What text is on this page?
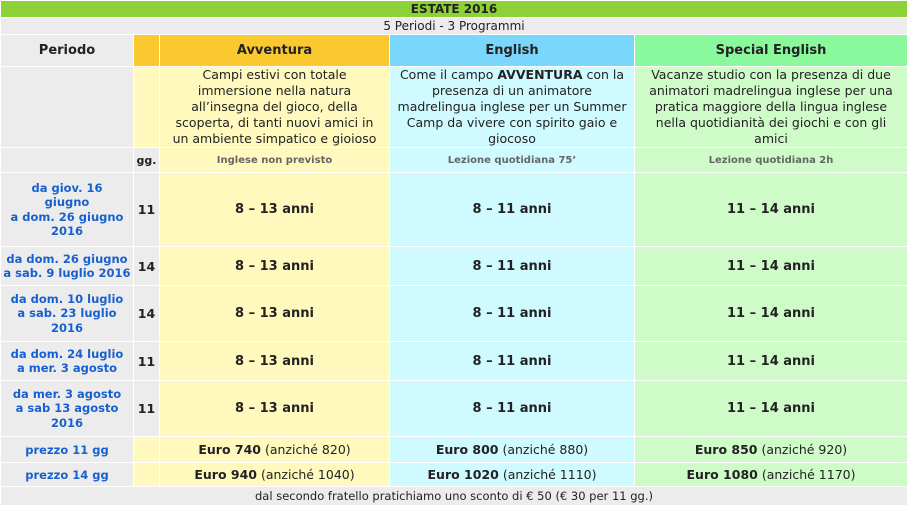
ESTATE 2016				
5 Periodi - 3 Programmi				
Periodo		Avventura	English	Special English

		Campi estivi con totale immersione nella natura all’insegna del gioco, della scoperta, di tanti nuovi amici in un ambiente simpatico e gioioso	Come il campo AVVENTURA con la presenza di un animatore madrelingua inglese per un Summer Camp da vivere con spirito gaio e giocoso	Vacanze studio con la presenza di due animatori madrelingua inglese per una pratica maggiore della lingua inglese nella quotidianità dei giochi e con gli amici

	gg.	Inglese non previsto	Lezione quotidiana 75’	Lezione quotidiana 2h
da giov. 16
giugno
a dom. 26 giugno
2016	11	8 – 13 anni	8 – 11 anni	11 – 14 anni
da dom. 26 giugno
a sab. 9 luglio 2016	14	8 – 13 anni	8 – 11 anni	11 – 14 anni
da dom. 10 luglio
a sab. 23 luglio
2016	14	8 – 13 anni	8 – 11 anni	11 – 14 anni
da dom. 24 luglio
a mer. 3 agosto	11	8 – 13 anni	8 – 11 anni	11 – 14 anni
da mer. 3 agosto
a sab 13 agosto
2016	11	8 – 13 anni	8 – 11 anni	11 – 14 anni
prezzo 11 gg		Euro 740 (anziché 820)	Euro 800 (anziché 880)	Euro 850 (anziché 920)
prezzo 14 gg		Euro 940 (anziché 1040)	Euro 1020 (anziché 1110)	Euro 1080 (anziché 1170)
dal secondo fratello pratichiamo uno sconto di € 50 (€ 30 per 11 gg.)				
